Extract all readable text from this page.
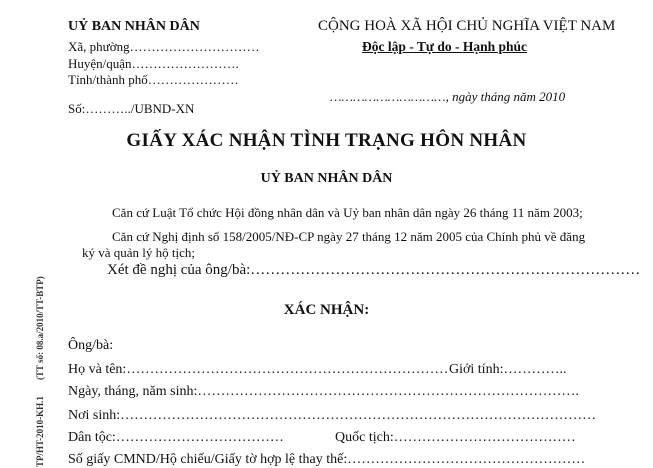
UỶ BAN NHÂN DÂN
Xã, phường…………………………
Huyện/quận…………………….
Tỉnh/thành phố…………………
Số:………../UBND-XN
CỘNG HOÀ XÃ HỘI CHỦ NGHĨA VIỆT NAM
Độc lập - Tự do - Hạnh phúc
…………………………, ngày tháng năm 2010
GIẤY XÁC NHẬN TÌNH TRẠNG HÔN NHÂN
UỶ BAN NHÂN DÂN
Căn cứ Luật Tổ chức Hội đồng nhân dân và Uỷ ban nhân dân ngày 26 tháng 11 năm 2003;
Căn cứ Nghị định số 158/2005/NĐ-CP ngày 27 tháng 12 năm 2005 của Chính phủ về đăng
ký và quản lý hộ tịch;
Xét đề nghị của ông/bà:……………………………………………………………………
XÁC NHẬN:
Ông/bà:
Họ và tên:…………………………………………………………… Giới tính:…………..
Ngày, tháng, năm sinh:……………………………………………………………………….
Nơi sinh:…………………………………………………………………………………………
Dân tộc:………………………………	Quốc tịch:…………………………………
Số giấy CMND/Hộ chiếu/Giấy tờ hợp lệ thay thế:……………………………………………
(TT số: 08.a/2010/TT-BTP)
TP/HT-2010-KH.1
